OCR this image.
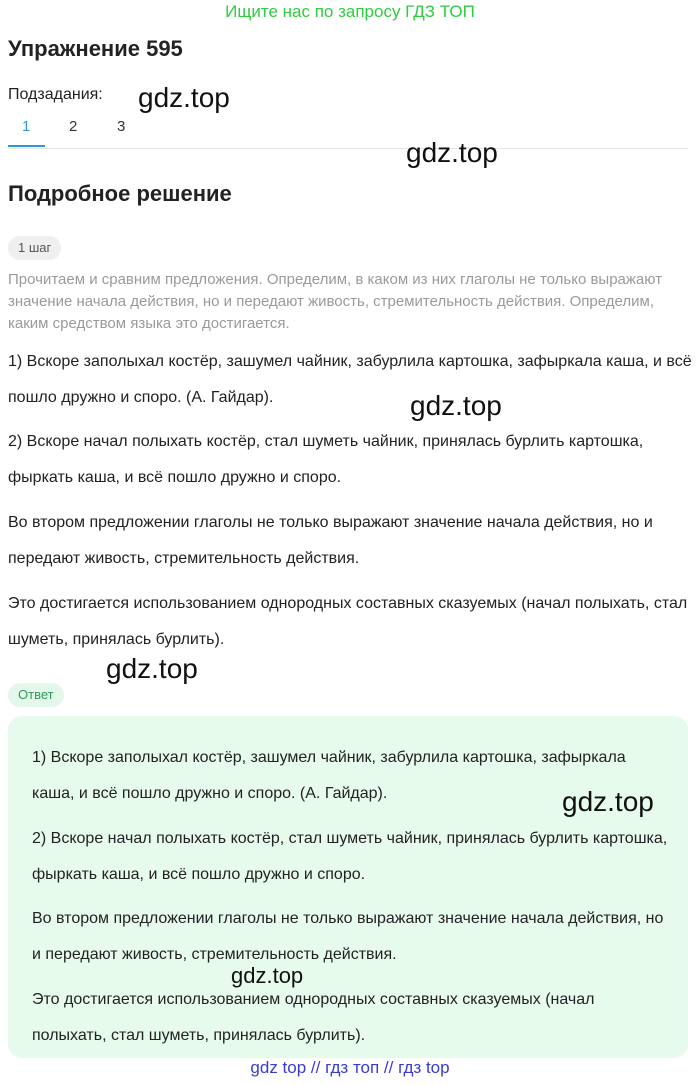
Ищите нас по запросу ГДЗ ТОП
Упражнение 595
Подзадания:
1	2	3
Подробное решение
1 шаг
Прочитаем и сравним предложения. Определим, в каком из них глаголы не только выражают значение начала действия, но и передают живость, стремительность действия. Определим, каким средством языка это достигается.
1) Вскоре заполыхал костёр, зашумел чайник, забурлила картошка, зафыркала каша, и всё пошло дружно и споро. (А. Гайдар).
2) Вскоре начал полыхать костёр, стал шуметь чайник, принялась бурлить картошка, фыркать каша, и всё пошло дружно и споро.
Во втором предложении глаголы не только выражают значение начала действия, но и передают живость, стремительность действия.
Это достигается использованием однородных составных сказуемых (начал полыхать, стал шуметь, принялась бурлить).
Ответ
1) Вскоре заполыхал костёр, зашумел чайник, забурлила картошка, зафыркала каша, и всё пошло дружно и споро. (А. Гайдар).
2) Вскоре начал полыхать костёр, стал шуметь чайник, принялась бурлить картошка, фыркать каша, и всё пошло дружно и споро.
Во втором предложении глаголы не только выражают значение начала действия, но и передают живость, стремительность действия.
Это достигается использованием однородных составных сказуемых (начал полыхать, стал шуметь, принялась бурлить).
gdz.top
gdz.top
gdz.top
gdz.top
gdz.top
gdz.top
gdz top // гдз топ // гдз top
